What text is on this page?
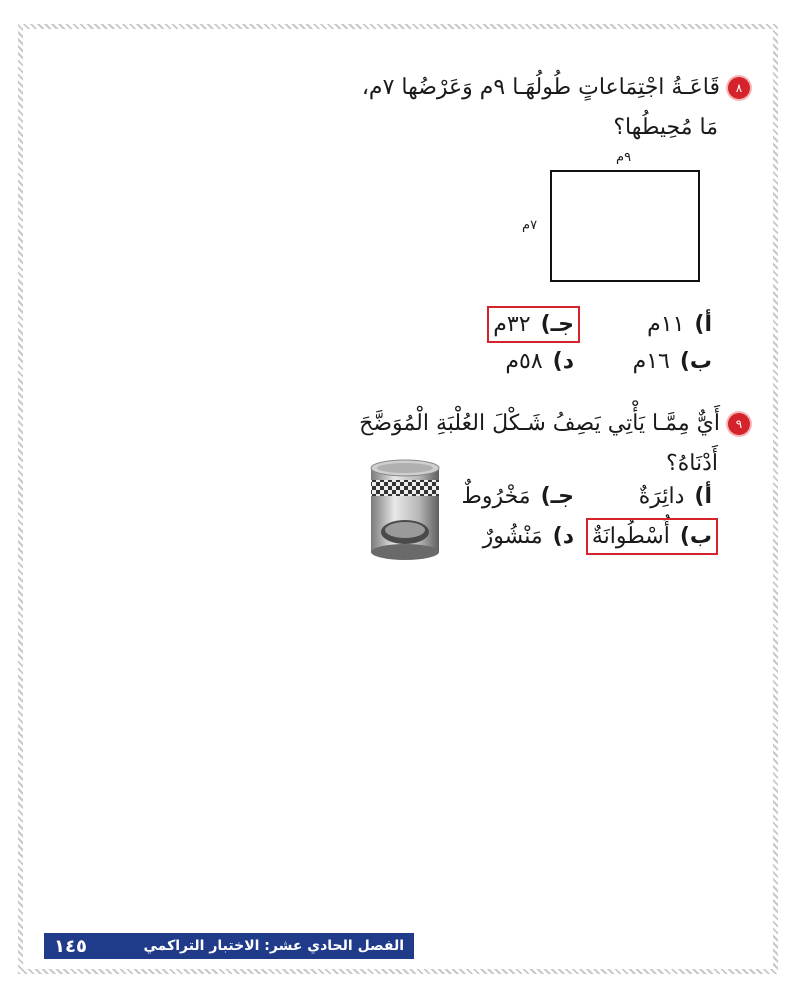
٨قَاعَـةُ اجْتِمَاعاتٍ طُولُهَـا ٩م وَعَرْضُها ٧م،
مَا مُحِيطُها؟
٩م
٧م
أ)١١م
جـ)٣٢م
ب)١٦م
د)٥٨م
٩أَيٌّ مِمَّـا يَأْتِي يَصِفُ شَـكْلَ العُلْبَةِ الْمُوَضَّحَ
أَدْنَاهُ؟
أ)دائِرَةٌ
جـ)مَخْرُوطٌ
ب)أُسْطُوانَةٌ
د)مَنْشُورٌ
الفصل الحادي عشر: الاختبار التراكمي
١٤٥
